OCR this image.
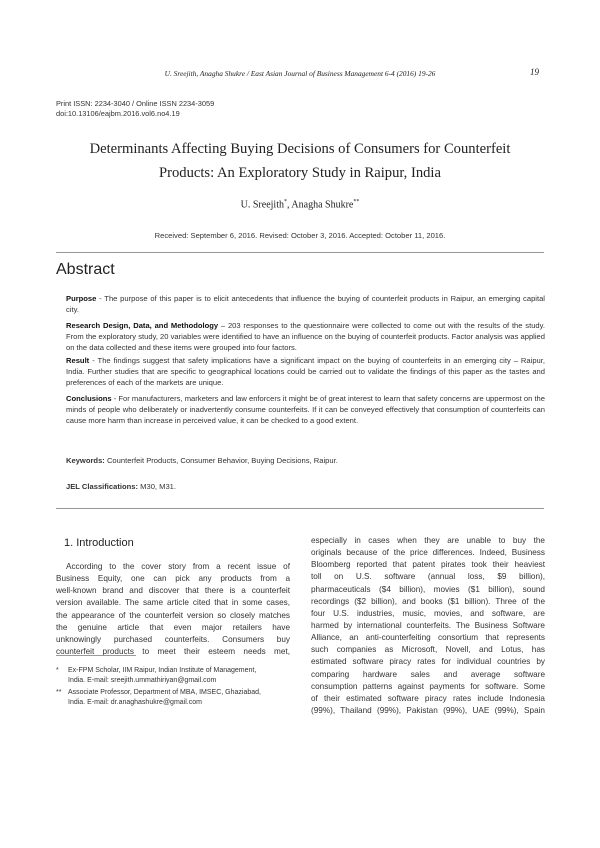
U. Sreejith, Anagha Shukre / East Asian Journal of Business Management 6-4 (2016) 19-26	19
Print ISSN: 2234-3040 / Online ISSN 2234-3059
doi:10.13106/eajbm.2016.vol6.no4.19
Determinants Affecting Buying Decisions of Consumers for Counterfeit
Products: An Exploratory Study in Raipur, India
U. Sreejith*, Anagha Shukre**
Received: September 6, 2016. Revised: October 3, 2016. Accepted: October 11, 2016.
Abstract
Purpose - The purpose of this paper is to elicit antecedents that influence the buying of counterfeit products in Raipur, an emerging capital city.
Research Design, Data, and Methodology – 203 responses to the questionnaire were collected to come out with the results of the study. From the exploratory study, 20 variables were identified to have an influence on the buying of counterfeit products. Factor analysis was applied on the data collected and these items were grouped into four factors.
Result - The findings suggest that safety implications have a significant impact on the buying of counterfeits in an emerging city – Raipur, India. Further studies that are specific to geographical locations could be carried out to validate the findings of this paper as the tastes and preferences of each of the markets are unique.
Conclusions - For manufacturers, marketers and law enforcers it might be of great interest to learn that safety concerns are uppermost on the minds of people who deliberately or inadvertently consume counterfeits. If it can be conveyed effectively that consumption of counterfeits can cause more harm than increase in perceived value, it can be checked to a good extent.
Keywords: Counterfeit Products, Consumer Behavior, Buying Decisions, Raipur.
JEL Classifications: M30, M31.
1. Introduction
According to the cover story from a recent issue of
Business Equity, one can pick any products from a
well-known brand and discover that there is a counterfeit
version available. The same article cited that in some cases,
the appearance of the counterfeit version so closely matches
the genuine article that even major retailers have
unknowingly purchased counterfeits. Consumers buy
counterfeit products to meet their esteem needs met,
especially in cases when they are unable to buy the
originals because of the price differences. Indeed, Business
Bloomberg reported that patent pirates took their heaviest
toll on U.S. software (annual loss, $9 billion),
pharmaceuticals ($4 billion), movies ($1 billion), sound
recordings ($2 billion), and books ($1 billion). Three of the
four U.S. industries, music, movies, and software, are
harmed by international counterfeits. The Business Software
Alliance, an anti-counterfeiting consortium that represents
such companies as Microsoft, Novell, and Lotus, has
estimated software piracy rates for individual countries by
comparing hardware sales and average software
consumption patterns against payments for software. Some
of their estimated software piracy rates include Indonesia
(99%), Thailand (99%), Pakistan (99%), UAE (99%), Spain
* Ex-FPM Scholar, IIM Raipur, Indian Institute of Management,
India. E-mail: sreejith.ummathiriyan@gmail.com
** Associate Professor, Department of MBA, IMSEC, Ghaziabad,
India. E-mail: dr.anaghashukre@gmail.com
